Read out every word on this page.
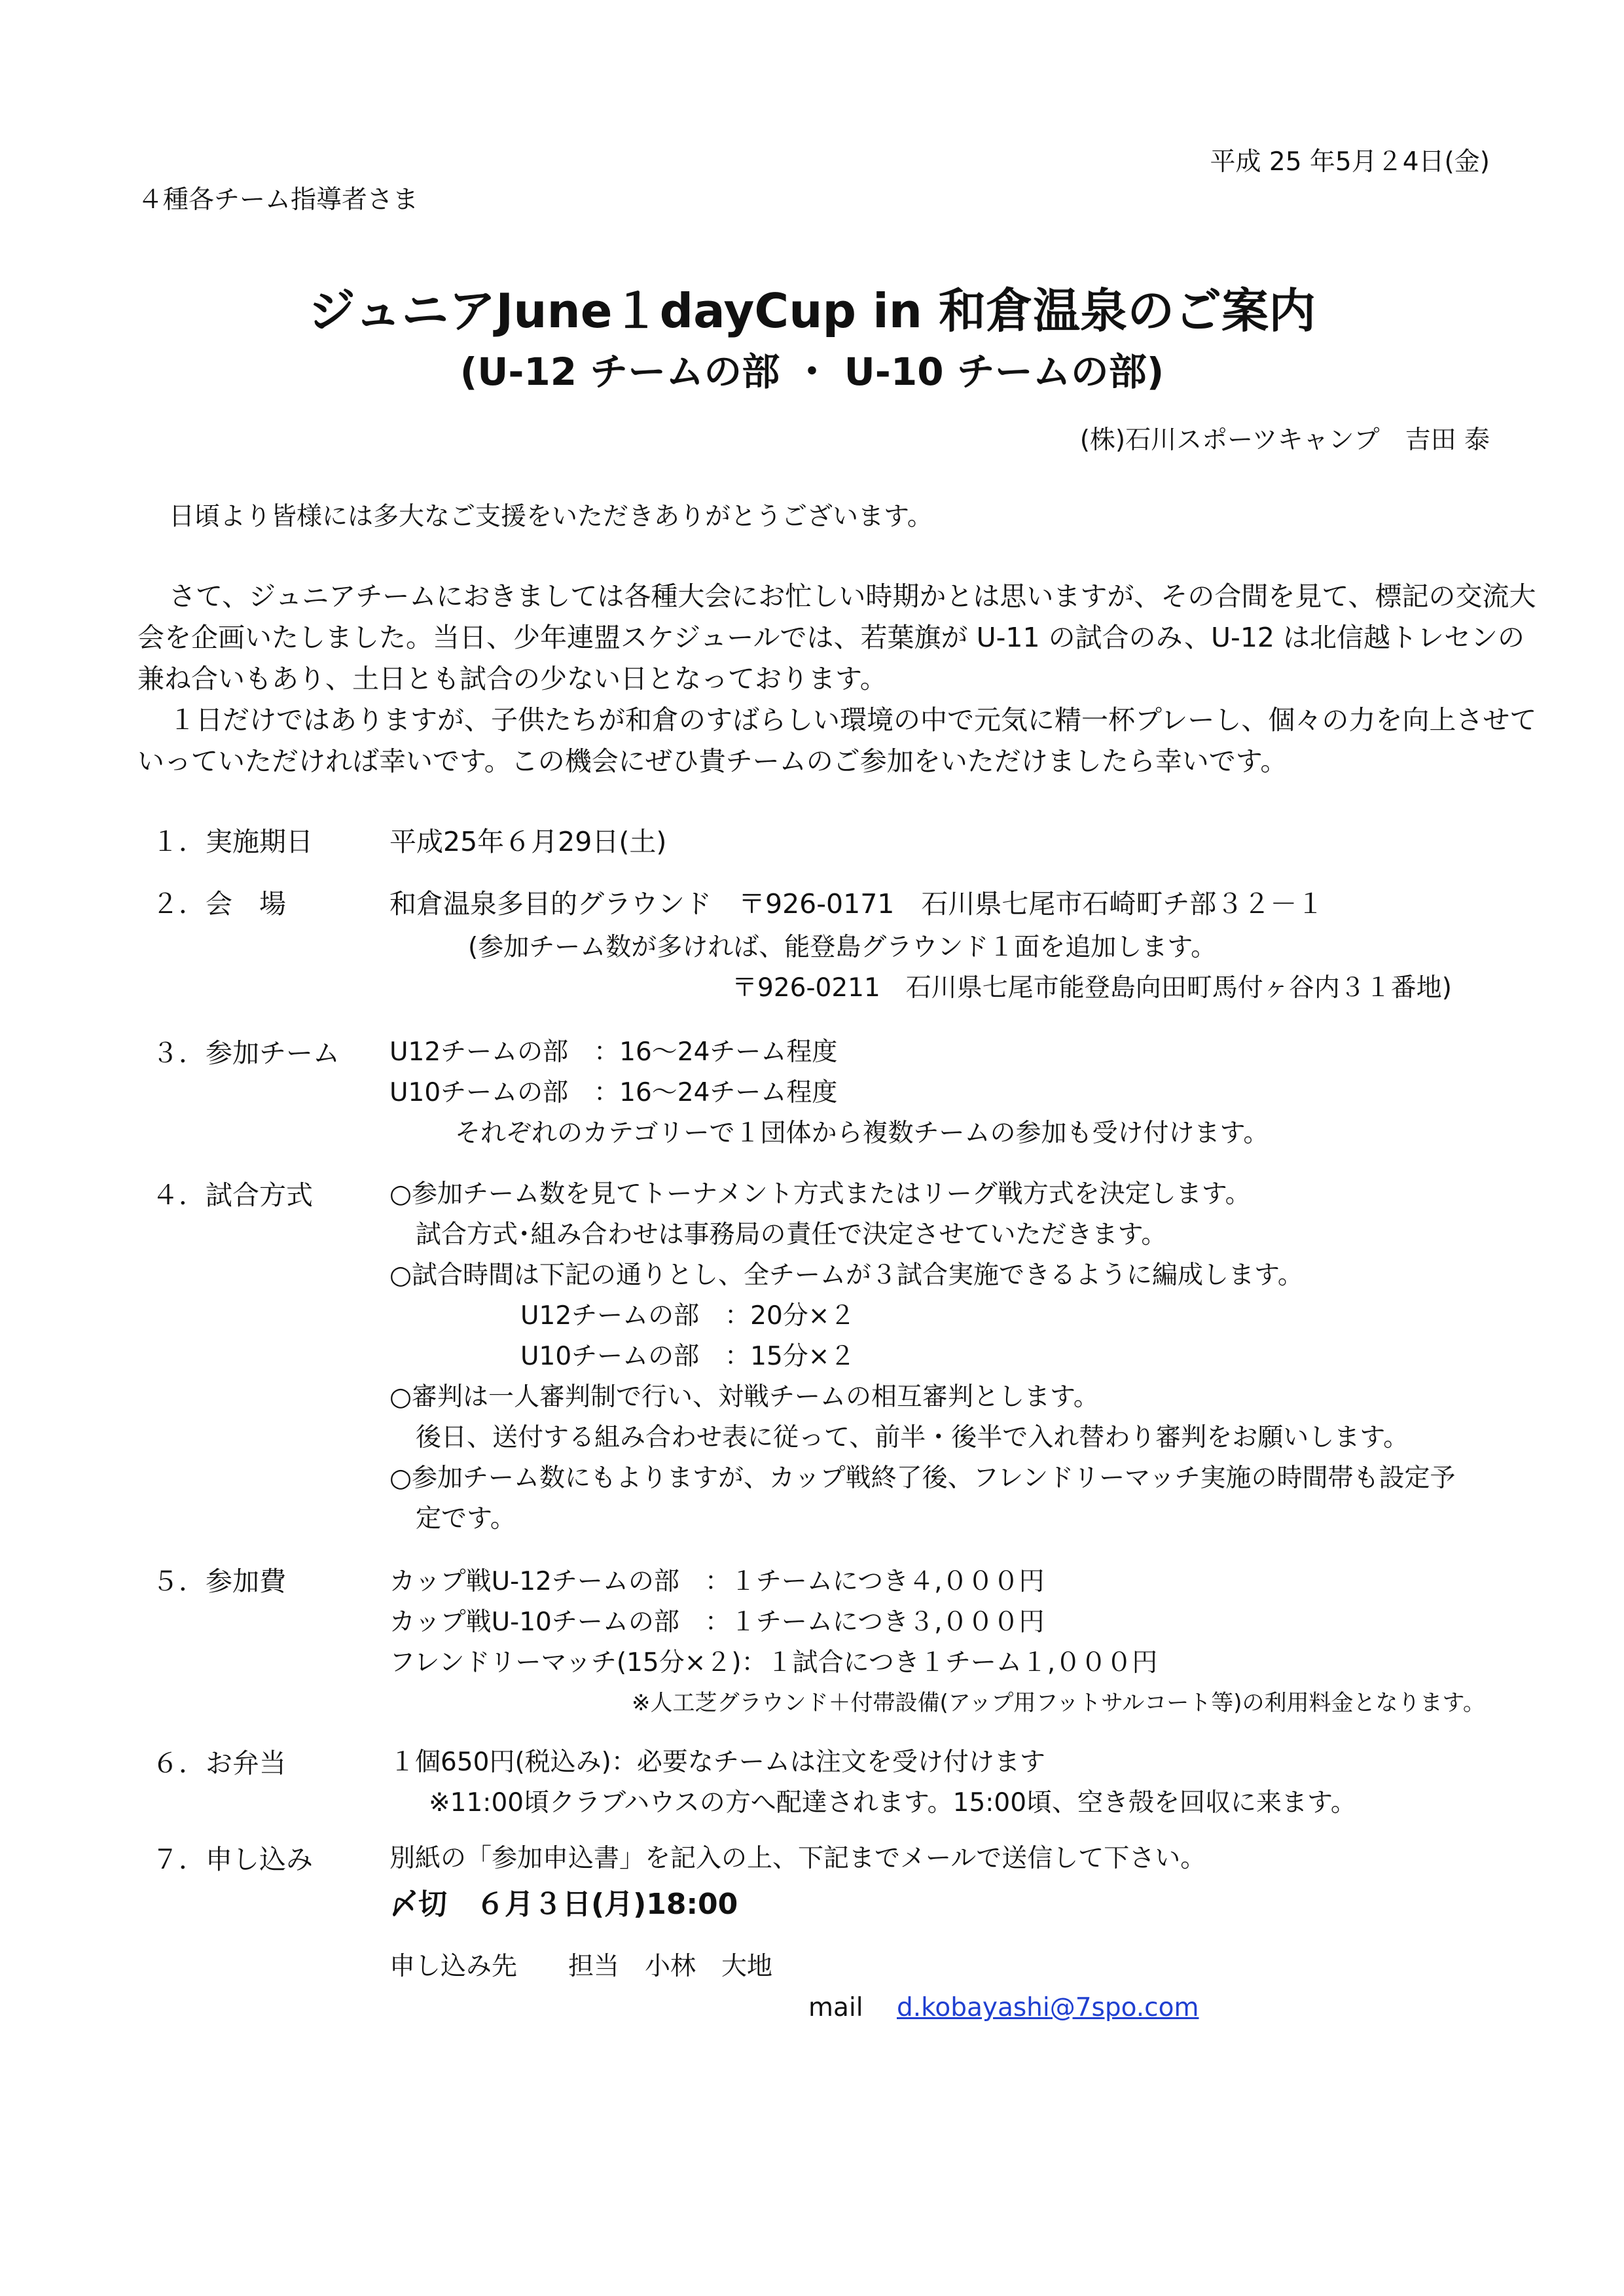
平成 25 年5月２4日(金)
４種各チーム指導者さま
ジュニアJune１dayCup in 和倉温泉のご案内
(U-12 チームの部 ・ U-10 チームの部)
(株)石川スポーツキャンプ　吉田 泰
日頃より皆様には多大なご支援をいただきありがとうございます。
さて、ジュニアチームにおきましては各種大会にお忙しい時期かとは思いますが、その合間を見て、標記の交流大
会を企画いたしました。当日、少年連盟スケジュールでは、若葉旗が U-11 の試合のみ、U-12 は北信越トレセンの
兼ね合いもあり、土日とも試合の少ない日となっております。
１日だけではありますが、子供たちが和倉のすばらしい環境の中で元気に精一杯プレーし、個々の力を向上させて
いっていただければ幸いです。この機会にぜひ貴チームのご参加をいただけましたら幸いです。
１．実施期日	平成25年６月29日(土)
２．会　場	和倉温泉多目的グラウンド　〒926-0171　石川県七尾市石崎町チ部３２－１
(参加チーム数が多ければ、能登島グラウンド１面を追加します。
〒926-0211　石川県七尾市能登島向田町馬付ヶ谷内３１番地)
３．参加チーム U12チームの部　：16～24チーム程度
U10チームの部　：16～24チーム程度
それぞれのカテゴリーで１団体から複数チームの参加も受け付けます。
４．試合方式	○参加チーム数を見てトーナメント方式またはリーグ戦方式を決定します。
試合方式･組み合わせは事務局の責任で決定させていただきます。
○試合時間は下記の通りとし、全チームが３試合実施できるように編成します。
U12チームの部　：20分×２
U10チームの部　：15分×２
○審判は一人審判制で行い、対戦チームの相互審判とします。
後日、送付する組み合わせ表に従って、前半・後半で入れ替わり審判をお願いします。
○参加チーム数にもよりますが、カップ戦終了後、フレンドリーマッチ実施の時間帯も設定予
定です。
５．参加費	カップ戦U-12チームの部　：１チームにつき４,０００円
カップ戦U-10チームの部　：１チームにつき３,０００円
フレンドリーマッチ(15分×２)：１試合につき１チーム１,０００円
※人工芝グラウンド＋付帯設備(アップ用フットサルコート等)の利用料金となります。
６．お弁当	１個650円(税込み)：必要なチームは注文を受け付けます
※11:00頃クラブハウスの方へ配達されます。15:00頃、空き殻を回収に来ます。
７．申し込み	別紙の「参加申込書」を記入の上、下記までメールで送信して下さい。
〆切　６月３日(月)18:00
申し込み先　　担当　小林　大地
mail d.kobayashi@7spo.com
